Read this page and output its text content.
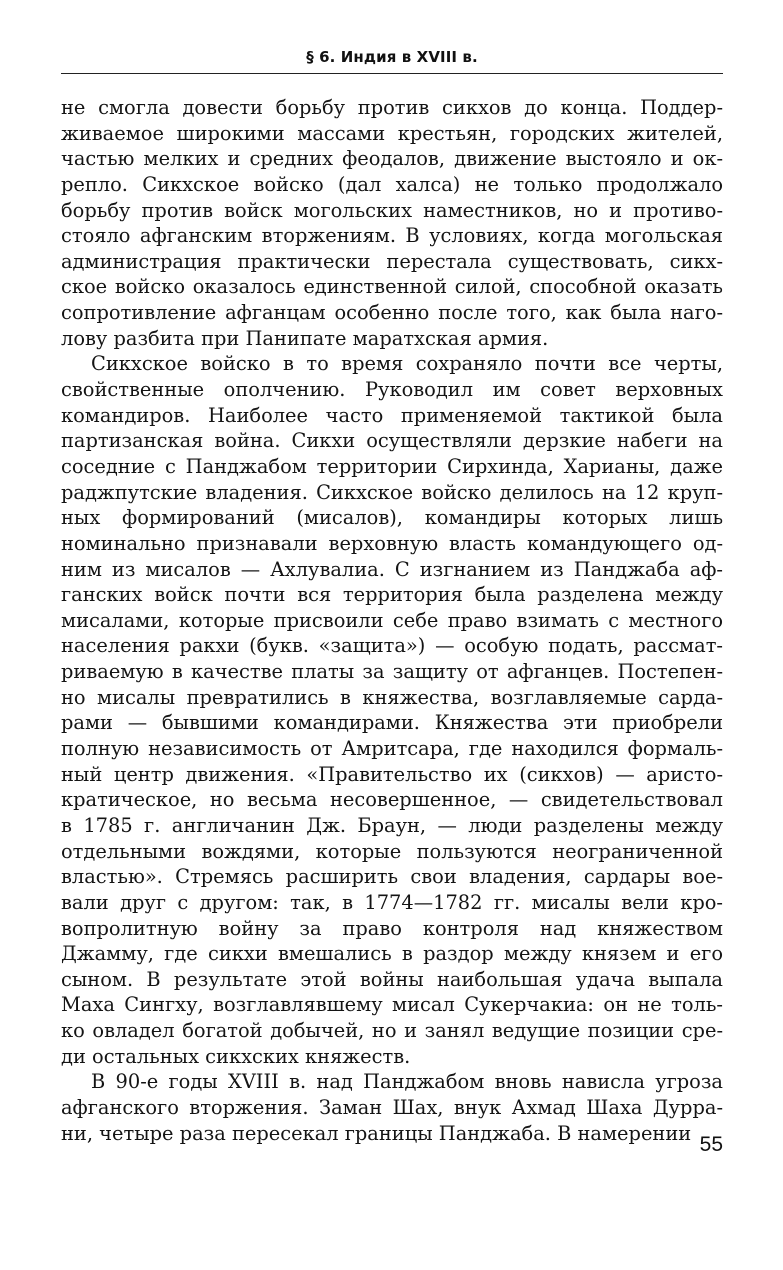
§ 6. Индия в XVIII в.
не смогла довести борьбу против сикхов до конца. Поддер-
живаемое широкими массами крестьян, городских жителей,
частью мелких и средних феодалов, движение выстояло и ок-
репло. Сикхское войско (дал халса) не только продолжало
борьбу против войск могольских наместников, но и противо-
стояло афганским вторжениям. В условиях, когда могольская
администрация практически перестала существовать, сикх-
ское войско оказалось единственной силой, способной оказать
сопротивление афганцам особенно после того, как была наго-
лову разбита при Панипате маратхская армия.
Сикхское войско в то время сохраняло почти все черты,
свойственные ополчению. Руководил им совет верховных
командиров. Наиболее часто применяемой тактикой была
партизанская война. Сикхи осуществляли дерзкие набеги на
соседние с Панджабом территории Сирхинда, Харианы, даже
раджпутские владения. Сикхское войско делилось на 12 круп-
ных формирований (мисалов), командиры которых лишь
номинально признавали верховную власть командующего од-
ним из мисалов — Ахлувалиа. С изгнанием из Панджаба аф-
ганских войск почти вся территория была разделена между
мисалами, которые присвоили себе право взимать с местного
населения ракхи (букв. «защита») — особую подать, рассмат-
риваемую в качестве платы за защиту от афганцев. Постепен-
но мисалы превратились в княжества, возглавляемые сарда-
рами — бывшими командирами. Княжества эти приобрели
полную независимость от Амритсара, где находился формаль-
ный центр движения. «Правительство их (сикхов) — аристо-
кратическое, но весьма несовершенное, — свидетельствовал
в 1785 г. англичанин Дж. Браун, — люди разделены между
отдельными вождями, которые пользуются неограниченной
властью». Стремясь расширить свои владения, сардары вое-
вали друг с другом: так, в 1774—1782 гг. мисалы вели кро-
вопролитную войну за право контроля над княжеством
Джамму, где сикхи вмешались в раздор между князем и его
сыном. В результате этой войны наибольшая удача выпала
Маха Сингху, возглавлявшему мисал Сукерчакиа: он не толь-
ко овладел богатой добычей, но и занял ведущие позиции сре-
ди остальных сикхских княжеств.
В 90-е годы XVIII в. над Панджабом вновь нависла угроза
афганского вторжения. Заман Шах, внук Ахмад Шаха Дурра-
ни, четыре раза пересекал границы Панджаба. В намерении 55
